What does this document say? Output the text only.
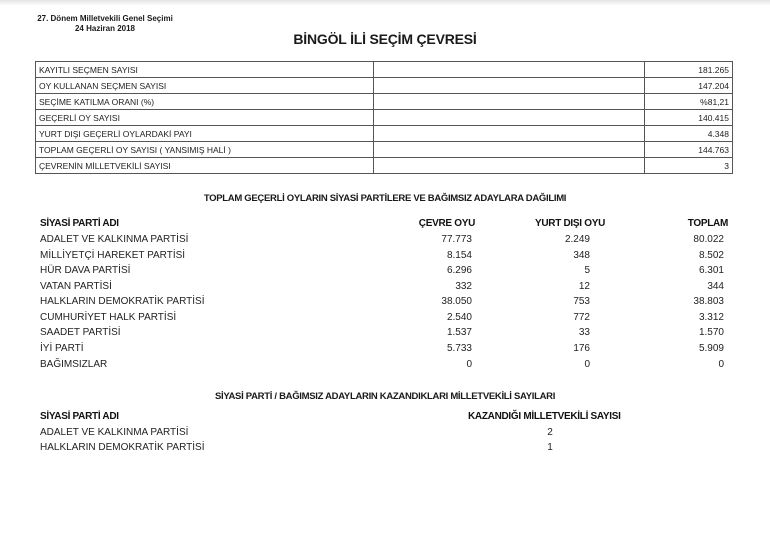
27. Dönem Milletvekili Genel Seçimi
24 Haziran 2018
BİNGÖL İLİ SEÇİM ÇEVRESİ
KAYITLI SEÇMEN SAYISI		181.265
OY KULLANAN SEÇMEN SAYISI		147.204
SEÇİME KATILMA ORANI (%)		%81,21
GEÇERLİ OY SAYISI		140.415
YURT DIŞI GEÇERLİ OYLARDAKİ PAYI		4.348
TOPLAM GEÇERLİ OY SAYISI ( YANSIMIŞ HALİ )		144.763
ÇEVRENİN MİLLETVEKİLİ SAYISI		3
TOPLAM GEÇERLİ OYLARIN SİYASİ PARTİLERE VE BAĞIMSIZ ADAYLARA DAĞILIMI
SİYASİ PARTİ ADI	ÇEVRE OYU	YURT DIŞI OYU	TOPLAM
ADALET VE KALKINMA PARTİSİ	77.773	2.249	80.022
MİLLİYETÇİ HAREKET PARTİSİ	8.154	348	8.502
HÜR DAVA PARTİSİ	6.296	5	6.301
VATAN PARTİSİ	332	12	344
HALKLARIN DEMOKRATİK PARTİSİ	38.050	753	38.803
CUMHURİYET HALK PARTİSİ	2.540	772	3.312
SAADET PARTİSİ	1.537	33	1.570
İYİ PARTİ	5.733	176	5.909
BAĞIMSIZLAR	0	0	0
SİYASİ PARTİ / BAĞIMSIZ ADAYLARIN KAZANDIKLARI MİLLETVEKİLİ SAYILARI
SİYASİ PARTİ ADI	KAZANDIĞI MİLLETVEKİLİ SAYISI
ADALET VE KALKINMA PARTİSİ	2
HALKLARIN DEMOKRATİK PARTİSİ	1
